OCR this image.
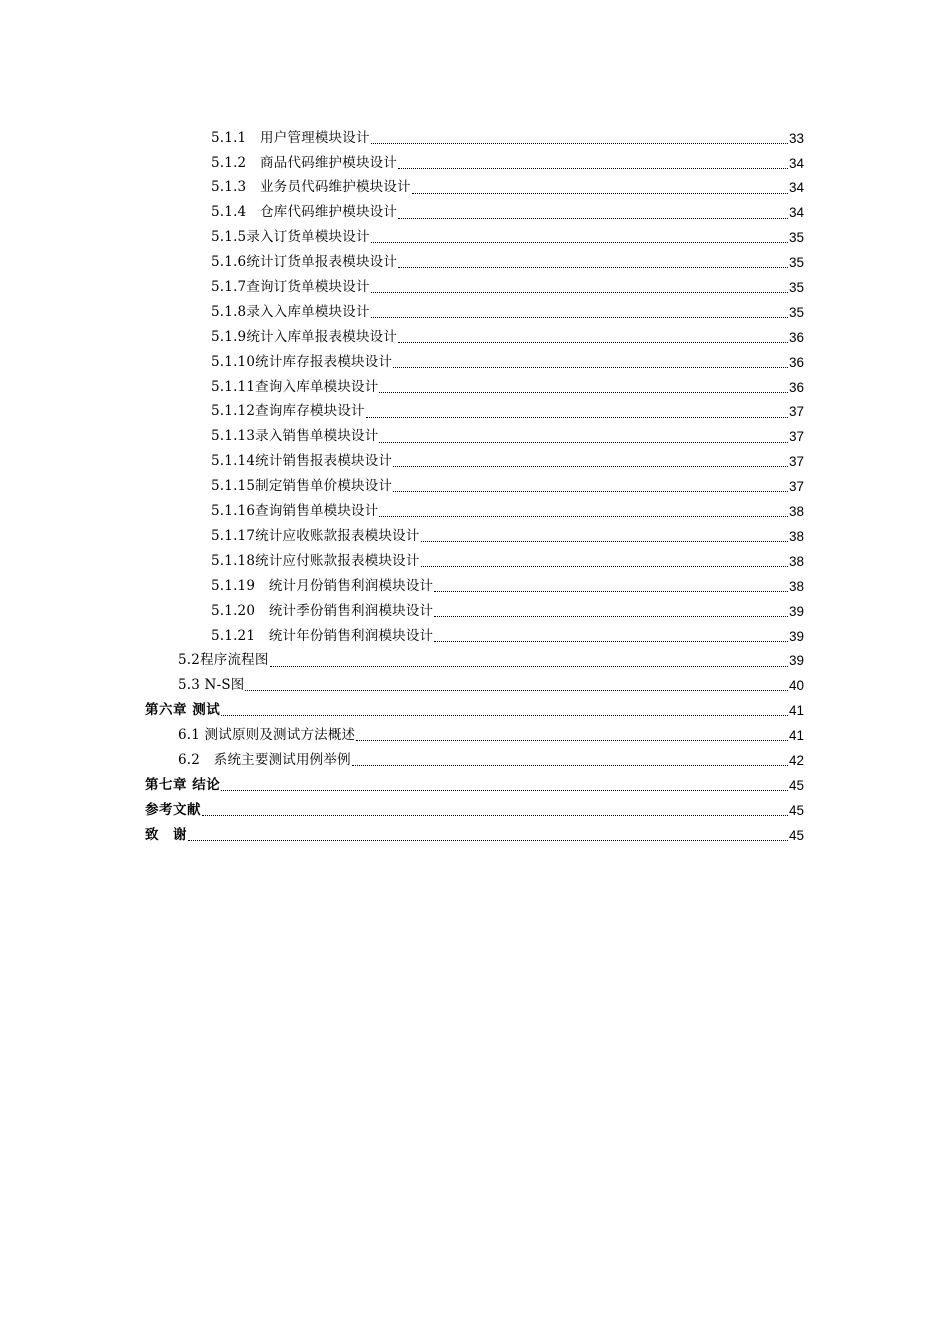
5.1.1　用户管理模块设计	33
5.1.2　商品代码维护模块设计	34
5.1.3　业务员代码维护模块设计	34
5.1.4　仓库代码维护模块设计	34
5.1.5录入订货单模块设计	35
5.1.6统计订货单报表模块设计	35
5.1.7查询订货单模块设计	35
5.1.8录入入库单模块设计	35
5.1.9统计入库单报表模块设计	36
5.1.10统计库存报表模块设计	36
5.1.11查询入库单模块设计	36
5.1.12查询库存模块设计	37
5.1.13录入销售单模块设计	37
5.1.14统计销售报表模块设计	37
5.1.15制定销售单价模块设计	37
5.1.16查询销售单模块设计	38
5.1.17统计应收账款报表模块设计	38
5.1.18统计应付账款报表模块设计	38
5.1.19　统计月份销售利润模块设计	38
5.1.20　统计季份销售利润模块设计	39
5.1.21　统计年份销售利润模块设计	39
5.2程序流程图	39
5.3 N-S图	40
第六章 测试	41
6.1 测试原则及测试方法概述	41
6.2　系统主要测试用例举例	42
第七章 结论	45
参考文献	45
致　谢	45
